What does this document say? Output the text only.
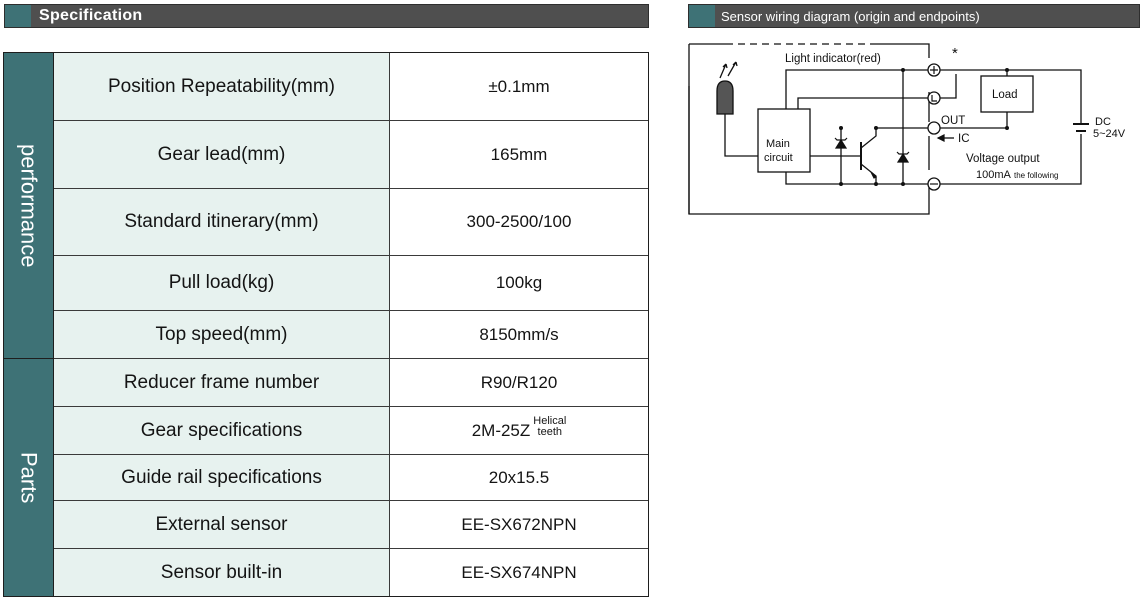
Specification	Sensor wiring diagram (origin and endpoints)
performance
Parts
Position Repeatability(mm)	±0.1mm
Gear lead(mm)	165mm
Standard itinerary(mm)	300-2500/100
Pull load(kg)	100kg
Top speed(mm)	8150mm/s
Reducer frame number	R90/R120
Gear specifications	2M-25Z Helical
teeth
Guide rail specifications	20x15.5
External sensor	EE-SX672NPN
Sensor built-in	EE-SX674NPN
*
Light indicator(red)
Main
circuit
Load
OUT
IC
DC
5~24V
Voltage output
100mA the following
